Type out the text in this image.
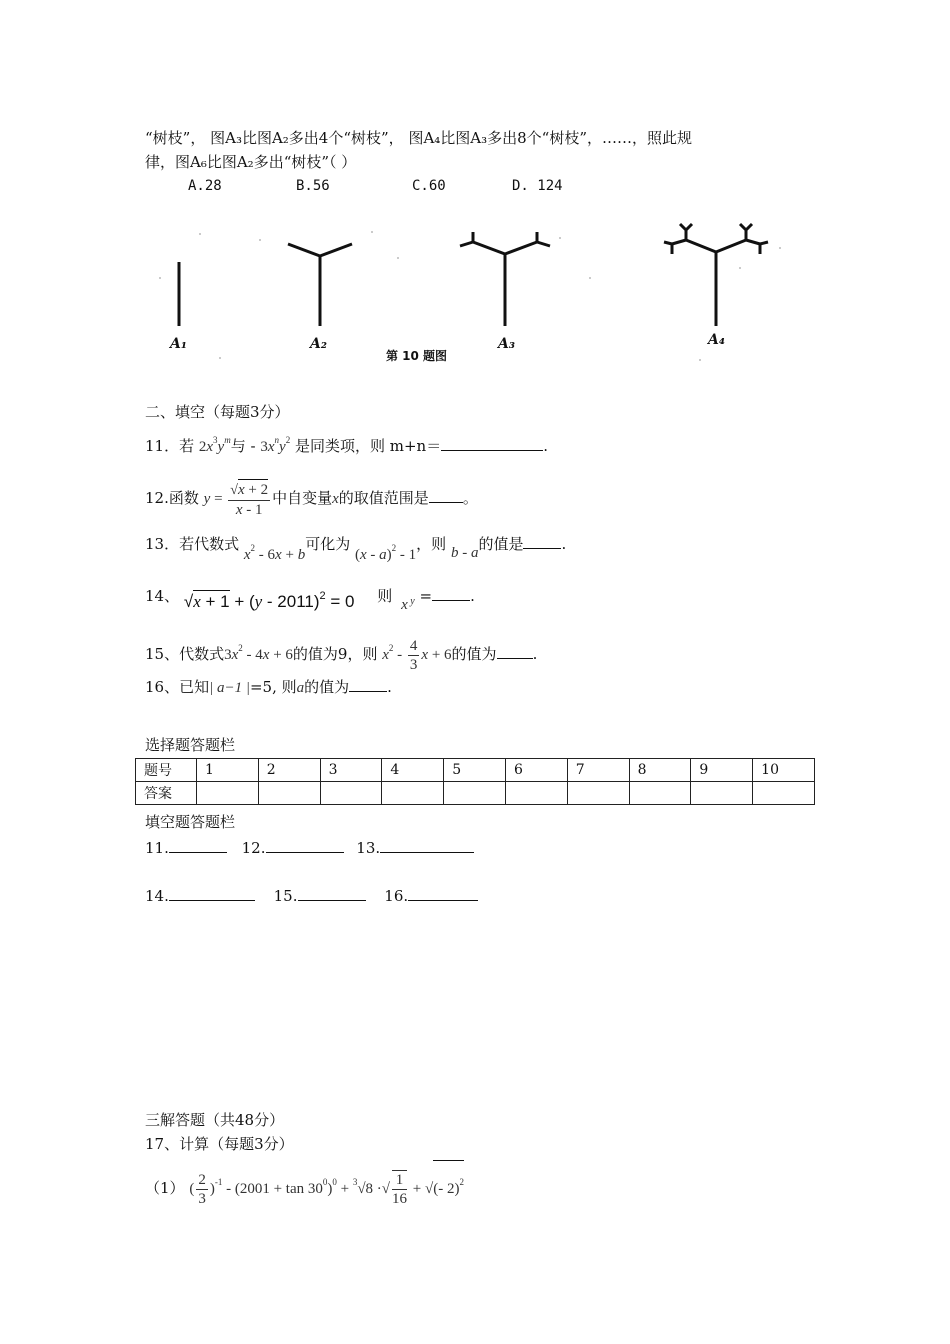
“树枝”， 图A₃比图A₂多出4个“树枝”， 图A₄比图A₃多出8个“树枝”，……，照此规
律，图A₆比图A₂多出“树枝”（ ）
A.28	B.56	C.60	D. 124
A₁	A₂	A₃	A₄
第 10 题图
二、填空（每题3分）
11．若 $2x^3y^m$与 - $3x^ny^2$ 是同类项，则 m+n＝	.
12.函数 $y = \frac{√x + 2}{x - 1}$ 中自变量x的取值范围是 。
13．若代数式 $x^2 - 6x + b$可化为 (x - a)$^2$ - 1，则 b - a的值是	.
14、 √x + 1 + (y - 2011)$^2$ = 0 则 x $_y$ =	.
15、代数式$3x^2 - 4x + 6$的值为9，则 $x^2 - \frac{4}{3}$ x + 6的值为 .
16、已知| a−1 |=5, 则a的值为	.
选择题答题栏
题号	1	2	3	4	5	6	7	8	9	10
答案										
填空题答题栏
11.	12.	13.
14.	15.	16.
三解答题（共48分）
17、计算（每题3分）
（1） ( $\frac{2}{3} )^{-1} - (2001 + \tan 30^0)^0 + ^3√8$ ·√ $\frac{1}{16}$ + √(- 2)$^2$
